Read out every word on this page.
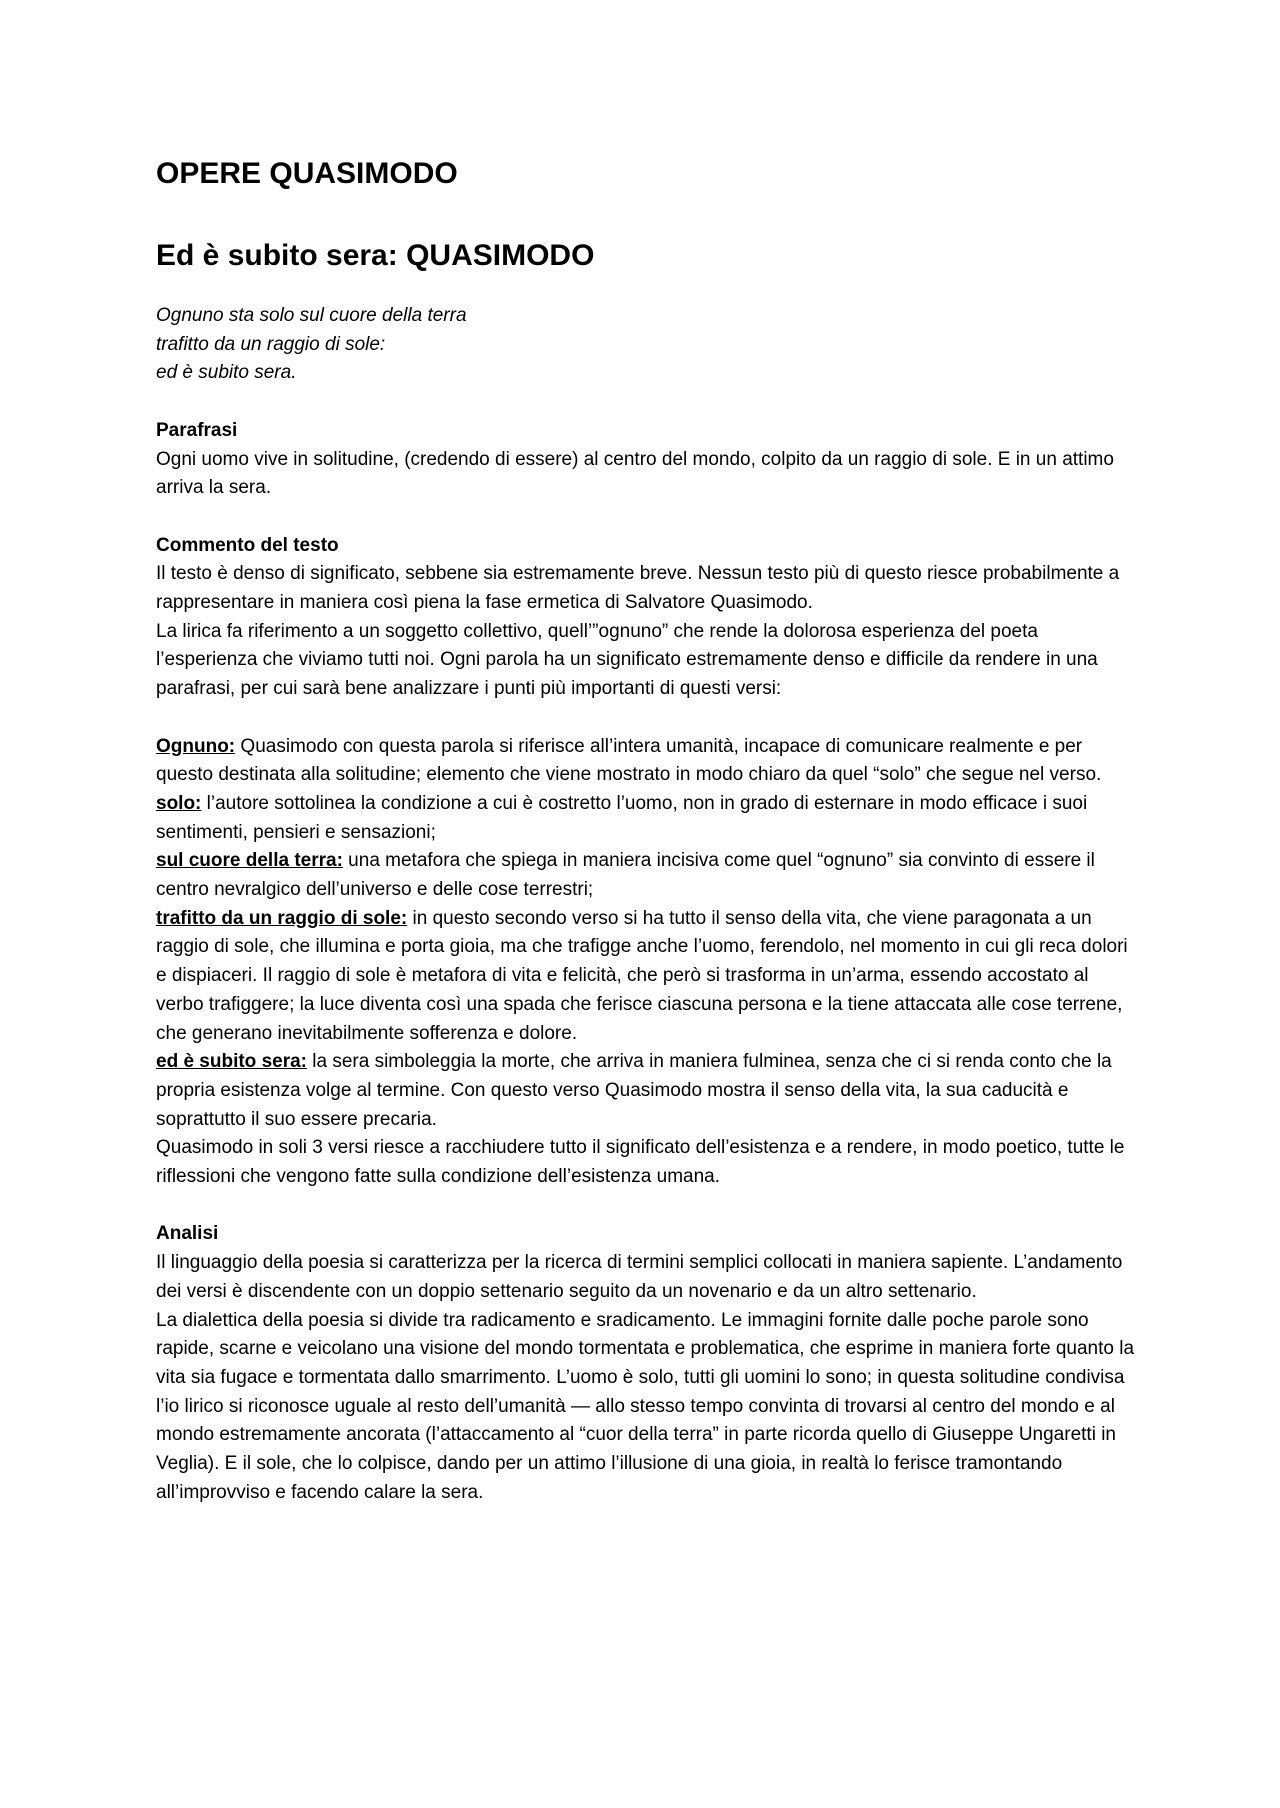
OPERE QUASIMODO
Ed è subito sera: QUASIMODO
Ognuno sta solo sul cuore della terra
trafitto da un raggio di sole:
ed è subito sera.
Parafrasi

Ogni uomo vive in solitudine, (credendo di essere) al centro del mondo, colpito da un raggio di sole. E in un attimo arriva la sera.

Commento del testo

Il testo è denso di significato, sebbene sia estremamente breve. Nessun testo più di questo riesce probabilmente a rappresentare in maniera così piena la fase ermetica di Salvatore Quasimodo.

La lirica fa riferimento a un soggetto collettivo, quell’”ognuno” che rende la dolorosa esperienza del poeta l’esperienza che viviamo tutti noi. Ogni parola ha un significato estremamente denso e difficile da rendere in una parafrasi, per cui sarà bene analizzare i punti più importanti di questi versi:

Ognuno: Quasimodo con questa parola si riferisce all’intera umanità, incapace di comunicare realmente e per questo destinata alla solitudine; elemento che viene mostrato in modo chiaro da quel “solo” che segue nel verso.

solo: l’autore sottolinea la condizione a cui è costretto l’uomo, non in grado di esternare in modo efficace i suoi sentimenti, pensieri e sensazioni;

sul cuore della terra: una metafora che spiega in maniera incisiva come quel “ognuno” sia convinto di essere il centro nevralgico dell’universo e delle cose terrestri;

trafitto da un raggio di sole: in questo secondo verso si ha tutto il senso della vita, che viene paragonata a un raggio di sole, che illumina e porta gioia, ma che trafigge anche l’uomo, ferendolo, nel momento in cui gli reca dolori e dispiaceri. Il raggio di sole è metafora di vita e felicità, che però si trasforma in un’arma, essendo accostato al verbo trafiggere; la luce diventa così una spada che ferisce ciascuna persona e la tiene attaccata alle cose terrene, che generano inevitabilmente sofferenza e dolore.

ed è subito sera: la sera simboleggia la morte, che arriva in maniera fulminea, senza che ci si renda conto che la propria esistenza volge al termine. Con questo verso Quasimodo mostra il senso della vita, la sua caducità e soprattutto il suo essere precaria.

Quasimodo in soli 3 versi riesce a racchiudere tutto il significato dell’esistenza e a rendere, in modo poetico, tutte le riflessioni che vengono fatte sulla condizione dell’esistenza umana.

Analisi

Il linguaggio della poesia si caratterizza per la ricerca di termini semplici collocati in maniera sapiente. L’andamento dei versi è discendente con un doppio settenario seguito da un novenario e da un altro settenario.

La dialettica della poesia si divide tra radicamento e sradicamento. Le immagini fornite dalle poche parole sono rapide, scarne e veicolano una visione del mondo tormentata e problematica, che esprime in maniera forte quanto la vita sia fugace e tormentata dallo smarrimento. L’uomo è solo, tutti gli uomini lo sono; in questa solitudine condivisa l’io lirico si riconosce uguale al resto dell’umanità — allo stesso tempo convinta di trovarsi al centro del mondo e al mondo estremamente ancorata (l’attaccamento al “cuor della terra” in parte ricorda quello di Giuseppe Ungaretti in Veglia). E il sole, che lo colpisce, dando per un attimo l’illusione di una gioia, in realtà lo ferisce tramontando all’improvviso e facendo calare la sera.
